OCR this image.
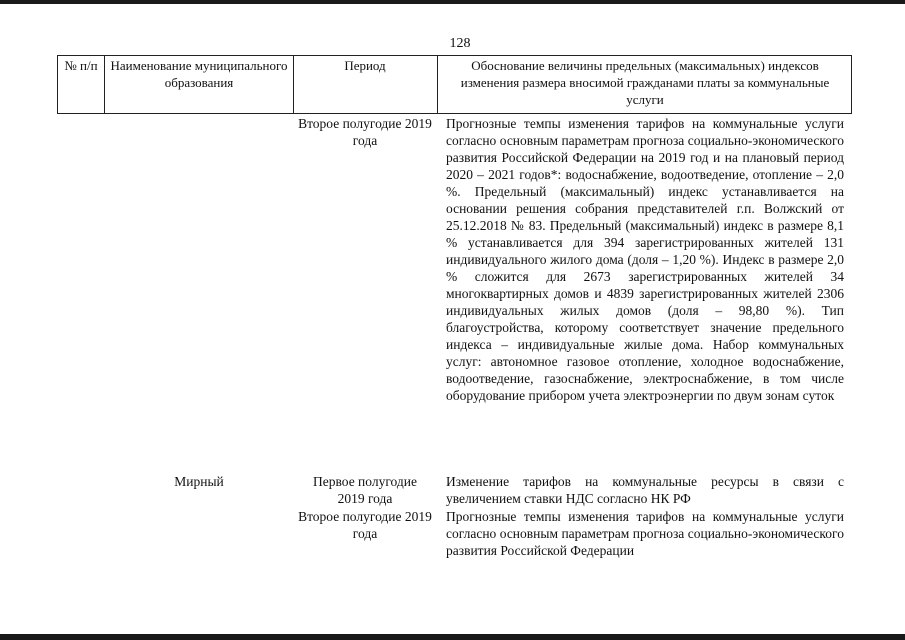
128
№ п/п Наименование муниципального образования
Период	Обоснование величины предельных (максимальных) индексов изменения размера вносимой гражданами платы за коммунальные услуги
Второе полугодие 2019 года
Прогнозные темпы изменения тарифов на коммунальные услуги согласно основным параметрам прогноза социально-экономического развития Российской Федерации на 2019 год и на плановый период 2020 – 2021 годов*: водоснабжение, водоотведение, отопление – 2,0 %. Предельный (максимальный) индекс устанавливается на основании решения собрания представителей г.п. Волжский от 25.12.2018 № 83. Предельный (максимальный) индекс в размере 8,1 % устанавливается для 394 зарегистрированных жителей 131 индивидуального жилого дома (доля – 1,20 %). Индекс в размере 2,0 % сложится для 2673 зарегистрированных жителей 34 многоквартирных домов и 4839 зарегистрированных жителей 2306 индивидуальных жилых домов (доля – 98,80 %). Тип благоустройства, которому соответствует значение предельного индекса – индивидуальные жилые дома. Набор коммунальных услуг: автономное газовое отопление, холодное водоснабжение, водоотведение, газоснабжение, электроснабжение, в том числе оборудование прибором учета электроэнергии по двум зонам суток
Мирный	Первое полугодие 2019 года
Изменение тарифов на коммунальные ресурсы в связи с увеличением ставки НДС согласно НК РФ
Второе полугодие 2019 года
Прогнозные темпы изменения тарифов на коммунальные услуги согласно основным параметрам прогноза социально-экономического развития Российской Федерации
